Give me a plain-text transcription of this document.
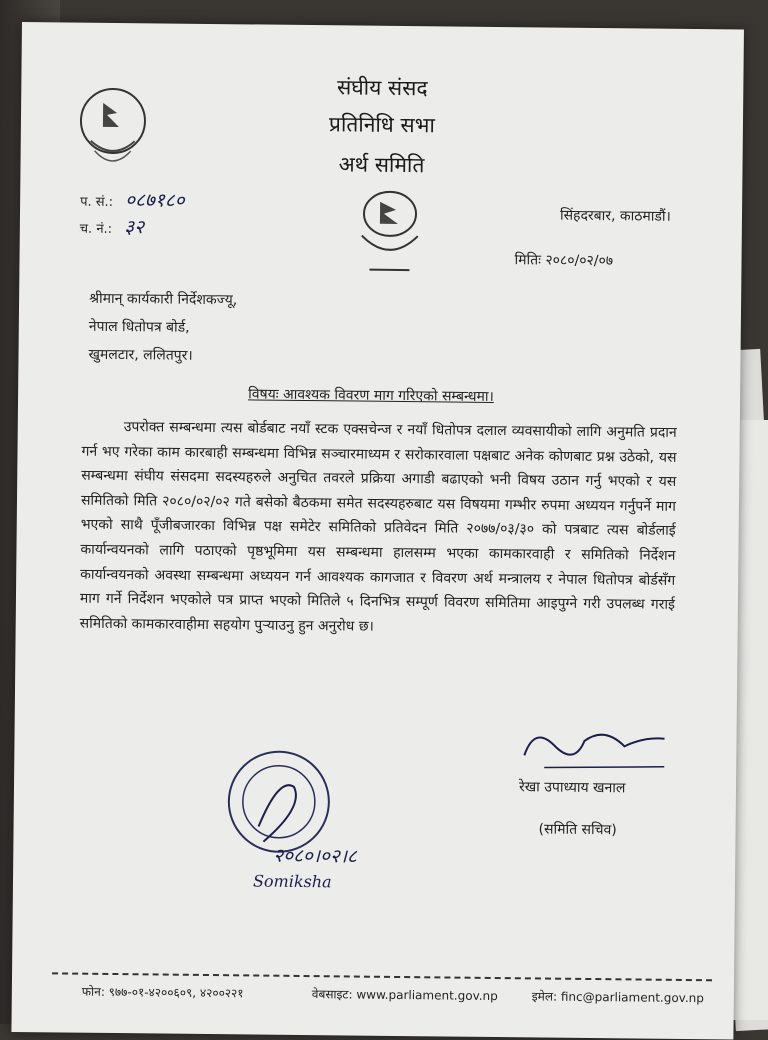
संघीय संसद
प्रतिनिधि सभा
अर्थ समिति
प. सं.: ०८७१८०
च. नं.: ३२	सिंहदरबार, काठमाडौं।
मितिः २०८०/०२/०७
श्रीमान् कार्यकारी निर्देशकज्यू,
नेपाल धितोपत्र बोर्ड,
खुमलटार, ललितपुर।
विषयः आवश्यक विवरण माग गरिएको सम्बन्धमा।
उपरोक्त सम्बन्धमा त्यस बोर्डबाट नयाँ स्टक एक्सचेन्ज र नयाँ धितोपत्र दलाल व्यवसायीको लागि अनुमति प्रदान गर्न भए गरेका काम कारबाही सम्बन्धमा विभिन्न सञ्चारमाध्यम र सरोकारवाला पक्षबाट अनेक कोणबाट प्रश्न उठेको, यस सम्बन्धमा संघीय संसदमा सदस्यहरुले अनुचित तवरले प्रक्रिया अगाडी बढाएको भनी विषय उठान गर्नु भएको र यस समितिको मिति २०८०/०२/०२ गते बसेको बैठकमा समेत सदस्यहरुबाट यस विषयमा गम्भीर रुपमा अध्ययन गर्नुपर्ने माग भएको साथै पूँजीबजारका विभिन्न पक्ष समेटेर समितिको प्रतिवेदन मिति २०७७/०३/३० को पत्रबाट त्यस बोर्डलाई कार्यान्वयनको लागि पठाएको पृष्ठभूमिमा यस सम्बन्धमा हालसम्म भएका कामकारवाही र समितिको निर्देशन कार्यान्वयनको अवस्था सम्बन्धमा अध्ययन गर्न आवश्यक कागजात र विवरण अर्थ मन्त्रालय र नेपाल धितोपत्र बोर्डसँग माग गर्ने निर्देशन भएकोले पत्र प्राप्त भएको मितिले ५ दिनभित्र सम्पूर्ण विवरण समितिमा आइपुग्ने गरी उपलब्ध गराई समितिको कामकारवाहीमा सहयोग पुऱ्याउनु हुन अनुरोध छ।
रेखा उपाध्याय खनाल
(समिति सचिव)
२०८०।०२।८
Somiksha
फोन: ९७७-०१-४२००६०९, ४२००२२१	वेबसाइट: www.parliament.gov.np	इमेल: finc@parliament.gov.np
